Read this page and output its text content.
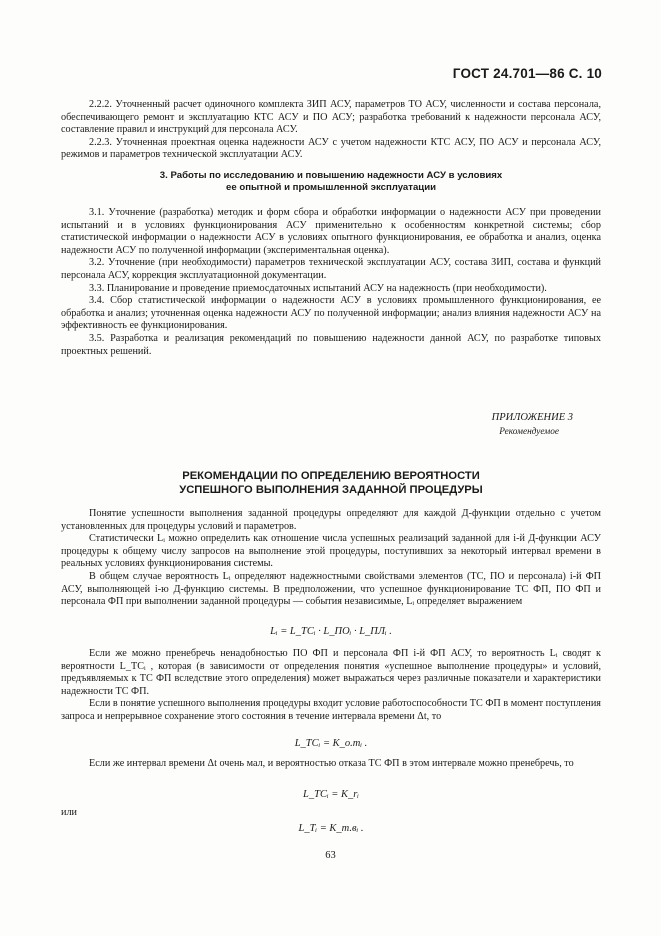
ГОСТ 24.701—86 С. 10

2.2.2. Уточненный расчет одиночного комплекта ЗИП АСУ, параметров ТО АСУ, численности и состава персонала, обеспечивающего ремонт и эксплуатацию КТС АСУ и ПО АСУ; разработка требований к надежности персонала АСУ, составление правил и инструкций для персонала АСУ.

2.2.3. Уточненная проектная оценка надежности АСУ с учетом надежности КТС АСУ, ПО АСУ и персонала АСУ, режимов и параметров технической эксплуатации АСУ.

3. Работы по исследованию и повышению надежности АСУ в условиях
ее опытной и промышленной эксплуатации

3.1. Уточнение (разработка) методик и форм сбора и обработки информации о надежности АСУ при проведении испытаний и в условиях функционирования АСУ применительно к особенностям конкретной системы; сбор статистической информации о надежности АСУ в условиях опытного функционирования, ее обработка и анализ, оценка надежности АСУ по полученной информации (экспериментальная оценка).

3.2. Уточнение (при необходимости) параметров технической эксплуатации АСУ, состава ЗИП, состава и функций персонала АСУ, коррекция эксплуатационной документации.

3.3. Планирование и проведение приемосдаточных испытаний АСУ на надежность (при необходимости).

3.4. Сбор статистической информации о надежности АСУ в условиях промышленного функционирования, ее обработка и анализ; уточненная оценка надежности АСУ по полученной информации; анализ влияния надежности АСУ на эффективность ее функционирования.

3.5. Разработка и реализация рекомендаций по повышению надежности данной АСУ, по разработке типовых проектных решений.

ПРИЛОЖЕНИЕ 3
Рекомендуемое
РЕКОМЕНДАЦИИ ПО ОПРЕДЕЛЕНИЮ ВЕРОЯТНОСТИ
УСПЕШНОГО ВЫПОЛНЕНИЯ ЗАДАННОЙ ПРОЦЕДУРЫ

Понятие успешности выполнения заданной процедуры определяют для каждой Д-функции отдельно с учетом установленных для процедуры условий и параметров.

Статистически Lᵢ можно определить как отношение числа успешных реализаций заданной для i-й Д-функции АСУ процедуры к общему числу запросов на выполнение этой процедуры, поступивших за некоторый интервал времени в реальных условиях функционирования системы.

В общем случае вероятность Lᵢ определяют надежностными свойствами элементов (ТС, ПО и персонала) i-й ФП АСУ, выполняющей i-ю Д-функцию системы. В предположении, что успешное функционирование ТС ФП, ПО ФП и персонала ФП при выполнении заданной процедуры — события независимые, Lᵢ определяет выражением

Lᵢ = L_TCᵢ · L_ПОᵢ · L_ПЛᵢ .

Если же можно пренебречь ненадобностью ПО ФП и персонала ФП i-й ФП АСУ, то вероятность Lᵢ сводят к вероятности L_TCᵢ , которая (в зависимости от определения понятия «успешное выполнение процедуры» и условий, предъявляемых к ТС ФП вследствие этого определения) может выражаться через различные показатели и характеристики надежности ТС ФП.

Если в понятие успешного выполнения процедуры входит условие работоспособности ТС ФП в момент поступления запроса и непрерывное сохранение этого состояния в течение интервала времени Δt, то

L_TCᵢ = K_о.тᵢ .

Если же интервал времени Δt очень мал, и вероятностью отказа ТС ФП в этом интервале можно пренебречь, то

L_TCᵢ = K_rᵢ
или
L_Tᵢ = K_т.вᵢ .
63
